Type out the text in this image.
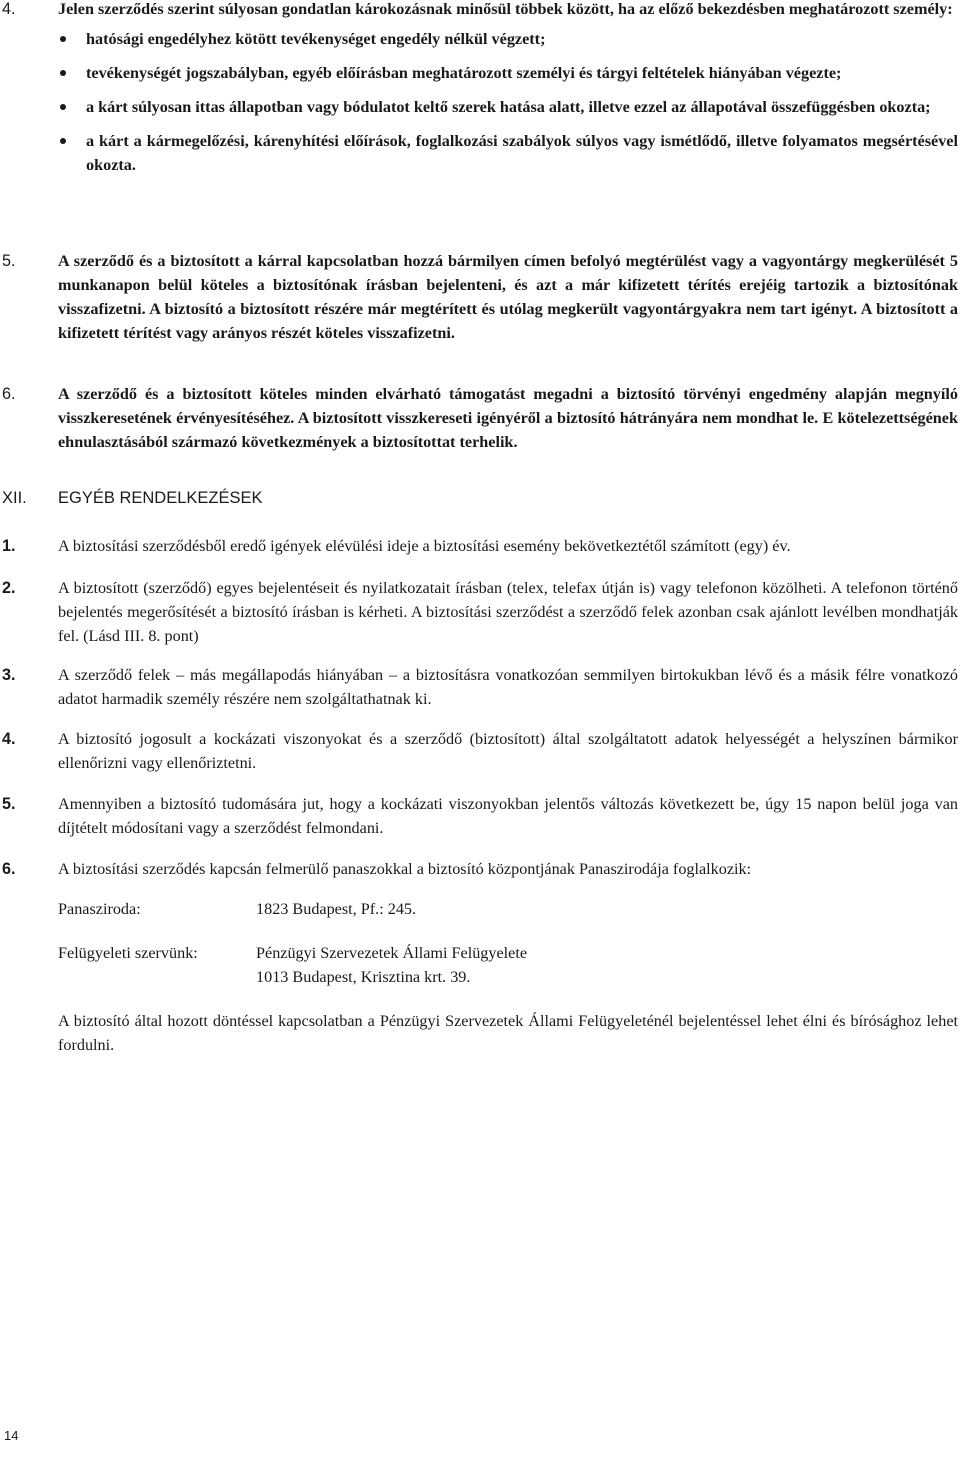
4.	Jelen szerződés szerint súlyosan gondatlan károkozásnak minősül többek között, ha az előző bekezdésben meghatározott személy:
hatósági engedélyhez kötött tevékenységet engedély nélkül végzett;
tevékenységét jogszabályban, egyéb előírásban meghatározott személyi és tárgyi feltételek hiányában végezte;
a kárt súlyosan ittas állapotban vagy bódulatot keltő szerek hatása alatt, illetve ezzel az állapotával összefüggésben okozta;
a kárt a kármegelőzési, kárenyhítési előírások, foglalkozási szabályok súlyos vagy ismétlődő, illetve folyamatos megsértésével okozta.
5.	A szerződő és a biztosított a kárral kapcsolatban hozzá bármilyen címen befolyó megtérülést vagy a vagyontárgy megkerülését 5 munkanapon belül köteles a biztosítónak írásban bejelenteni, és azt a már kifizetett térítés erejéig tartozik a biztosítónak visszafizetni. A biztosító a biztosított részére már megtérített és utólag megkerült vagyontárgyakra nem tart igényt. A biztosított a kifizetett térítést vagy arányos részét köteles visszafizetni.
6.	A szerződő és a biztosított köteles minden elvárható támogatást megadni a biztosító törvényi engedmény alapján megnyíló visszkeresetének érvényesítéséhez. A biztosított visszkereseti igényéről a biztosító hátrányára nem mondhat le. E kötelezettségének ehnulasztásából származó következmények a biztosítottat terhelik.
XII. EGYÉB RENDELKEZÉSEK
1.	A biztosítási szerződésből eredő igények elévülési ideje a biztosítási esemény bekövetkeztétől számított (egy) év.
2.	A biztosított (szerződő) egyes bejelentéseit és nyilatkozatait írásban (telex, telefax útján is) vagy telefonon közölheti. A telefonon történő bejelentés megerősítését a biztosító írásban is kérheti. A biztosítási szerződést a szerződő felek azonban csak ajánlott levélben mondhatják fel. (Lásd III. 8. pont)
3.	A szerződő felek – más megállapodás hiányában – a biztosításra vonatkozóan semmilyen birtokukban lévő és a másik félre vonatkozó adatot harmadik személy részére nem szolgáltathatnak ki.
4.	A biztosító jogosult a kockázati viszonyokat és a szerződő (biztosított) által szolgáltatott adatok helyességét a helyszínen bármikor ellenőrizni vagy ellenőriztetni.
5.	Amennyiben a biztosító tudomására jut, hogy a kockázati viszonyokban jelentős változás következett be, úgy 15 napon belül joga van díjtételt módosítani vagy a szerződést felmondani.
6.	A biztosítási szerződés kapcsán felmerülő panaszokkal a biztosító központjának Panaszirodája foglalkozik:
Panasziroda:	1823 Budapest, Pf.: 245.
Felügyeleti szervünk:	Pénzügyi Szervezetek Állami Felügyelete
1013 Budapest, Krisztina krt. 39.
A biztosító által hozott döntéssel kapcsolatban a Pénzügyi Szervezetek Állami Felügyeleténél bejelentéssel lehet élni és bírósághoz lehet fordulni.
14
